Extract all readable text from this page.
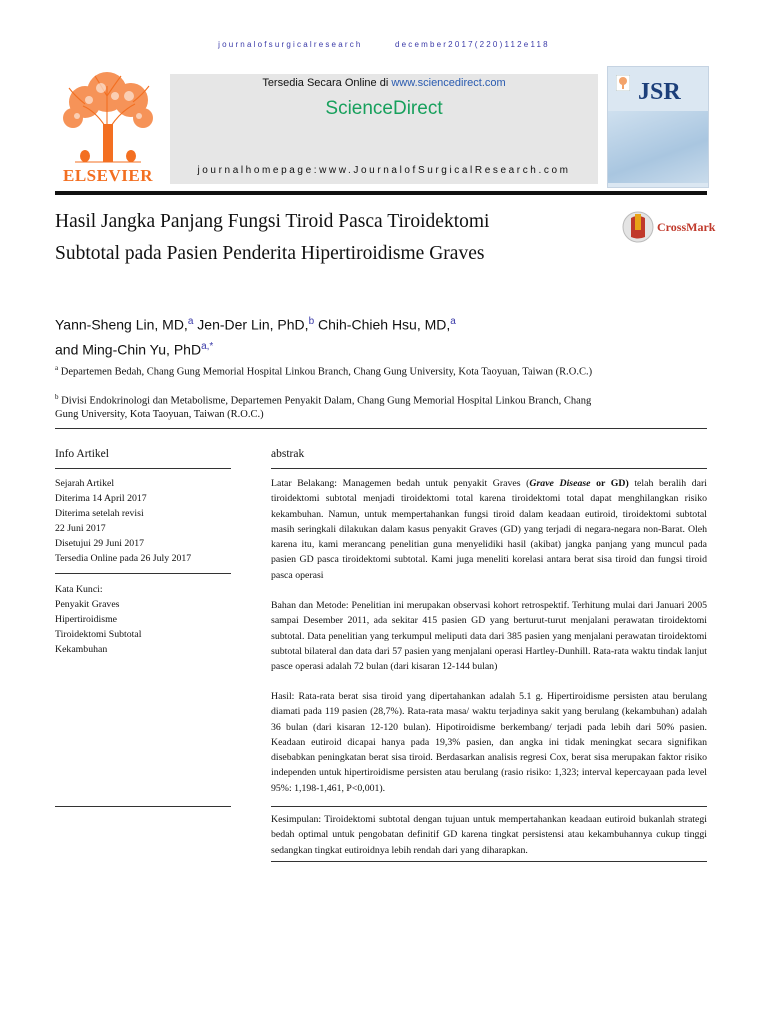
journalofsurgicalresearch	december2017(220)112e118
ELSEVIER
Tersedia Secara Online di www.sciencedirect.com
ScienceDirect
journalhomepage:www.JournalofSurgicalResearch.com
JSR
Hasil Jangka Panjang Fungsi Tiroid Pasca Tiroidektomi
Subtotal pada Pasien Penderita Hipertiroidisme Graves
CrossMark
Yann-Sheng Lin, MD,$^a$ Jen-Der Lin, PhD,$^b$ Chih-Chieh Hsu, MD,$^a$
and Ming-Chin Yu, PhD$^{a,*}$
$^a$ Departemen Bedah, Chang Gung Memorial Hospital Linkou Branch, Chang Gung University, Kota Taoyuan, Taiwan (R.O.C.)
$^b$ Divisi Endokrinologi dan Metabolisme, Departemen Penyakit Dalam, Chang Gung Memorial Hospital Linkou Branch, Chang Gung University, Kota Taoyuan, Taiwan (R.O.C.)
Info Artikel
Sejarah Artikel
Diterima 14 April 2017
Diterima setelah revisi
22 Juni 2017
Disetujui 29 Juni 2017
Tersedia Online pada 26 July 2017
Kata Kunci:
Penyakit Graves
Hipertiroidisme
Tiroidektomi Subtotal
Kekambuhan
abstrak

Latar Belakang: Managemen bedah untuk penyakit Graves (Grave Disease or GD) telah beralih dari tiroidektomi subtotal menjadi tiroidektomi total karena tiroidektomi total dapat menghilangkan risiko kekambuhan. Namun, untuk mempertahankan fungsi tiroid dalam keadaan eutiroid, tiroidektomi subtotal masih seringkali dilakukan dalam kasus penyakit Graves (GD) yang terjadi di negara-negara non-Barat. Oleh karena itu, kami merancang penelitian guna menyelidiki hasil (akibat) jangka panjang yang muncul pada pasien GD pasca tiroidektomi subtotal. Kami juga meneliti korelasi antara berat sisa tiroid dan fungsi tiroid pasca operasi

Bahan dan Metode: Penelitian ini merupakan observasi kohort retrospektif. Terhitung mulai dari Januari 2005 sampai Desember 2011, ada sekitar 415 pasien GD yang berturut-turut menjalani perawatan tiroidektomi subtotal. Data penelitian yang terkumpul meliputi data dari 385 pasien yang menjalani perawatan tiroidektomi subtotal bilateral dan data dari 57 pasien yang menjalani operasi Hartley-Dunhill. Rata-rata waktu tindak lanjut pasce operasi adalah 72 bulan (dari kisaran 12-144 bulan)

Hasil: Rata-rata berat sisa tiroid yang dipertahankan adalah 5.1 g. Hipertiroidisme persisten atau berulang diamati pada 119 pasien (28,7%). Rata-rata masa/ waktu terjadinya sakit yang berulang (kekambuhan) adalah 36 bulan (dari kisaran 12-120 bulan). Hipotiroidisme berkembang/ terjadi pada lebih dari 50% pasien. Keadaan eutiroid dicapai hanya pada 19,3% pasien, dan angka ini tidak meningkat secara signifikan disebabkan peningkatan berat sisa tiroid. Berdasarkan analisis regresi Cox, berat sisa merupakan faktor risiko independen untuk hipertiroidisme persisten atau berulang (rasio risiko: 1,323; interval kepercayaan pada level 95%: 1,198-1,461, P<0,001).

Kesimpulan: Tiroidektomi subtotal dengan tujuan untuk mempertahankan keadaan eutiroid bukanlah strategi bedah optimal untuk pengobatan definitif GD karena tingkat persistensi atau kekambuhannya cukup tinggi sedangkan tingkat eutiroidnya lebih rendah dari yang diharapkan.
